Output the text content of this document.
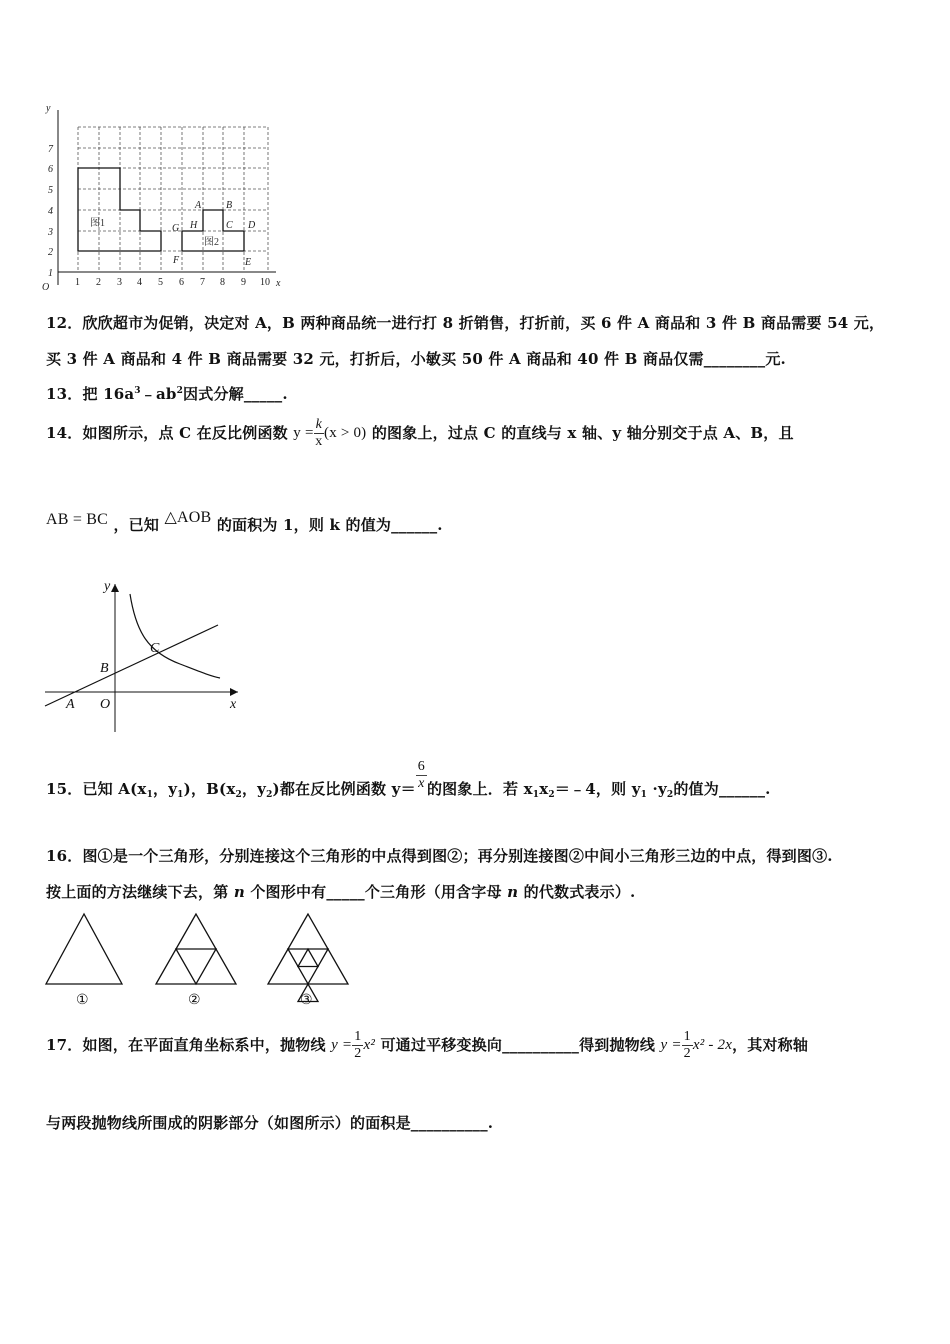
y
x
O
1
2
3
4
5
6
7
1 2 3 4 5 6 7 8 9 10
图1
图2
A B
C D
E
F
G H
12．欣欣超市为促销，决定对 A，B 两种商品统一进行打 8 折销售，打折前，买 6 件 A 商品和 3 件 B 商品需要 54 元，
买 3 件 A 商品和 4 件 B 商品需要 32 元，打折后，小敏买 50 件 A 商品和 40 件 B 商品仅需________元.
13．把 $16a^3﹣ab^2$因式分解_____.
14．如图所示，点 C 在反比例函数 $y = \frac{k}{x} (x > 0)$ 的图象上，过点 C 的直线与 x 轴、y 轴分别交于点 A、B，且
AB = BC ，已知 △AOB 的面积为 1，则 k 的值为______.
y
x
A O
B
C
15．已知 $A(x_1$，$y_1$)，$B(x_2$，$y_2$)都在反比例函数 $y= \frac{6}{x}$ 的图象上．若 $x_1x_2=﹣4$，则 $y_1 \cdot y_2$的值为______.
16．图①是一个三角形，分别连接这个三角形的中点得到图②；再分别连接图②中间小三角形三边的中点，得到图③.
按上面的方法继续下去，第 n 个图形中有_____个三角形（用含字母 n 的代数式表示）.
①	②	③
17．如图，在平面直角坐标系中，抛物线 $y = \frac{1}{2} x^2$ 可通过平移变换向__________得到抛物线 $y = \frac{1}{2} x^2 - 2x$，其对称轴
与两段抛物线所围成的阴影部分（如图所示）的面积是__________.
